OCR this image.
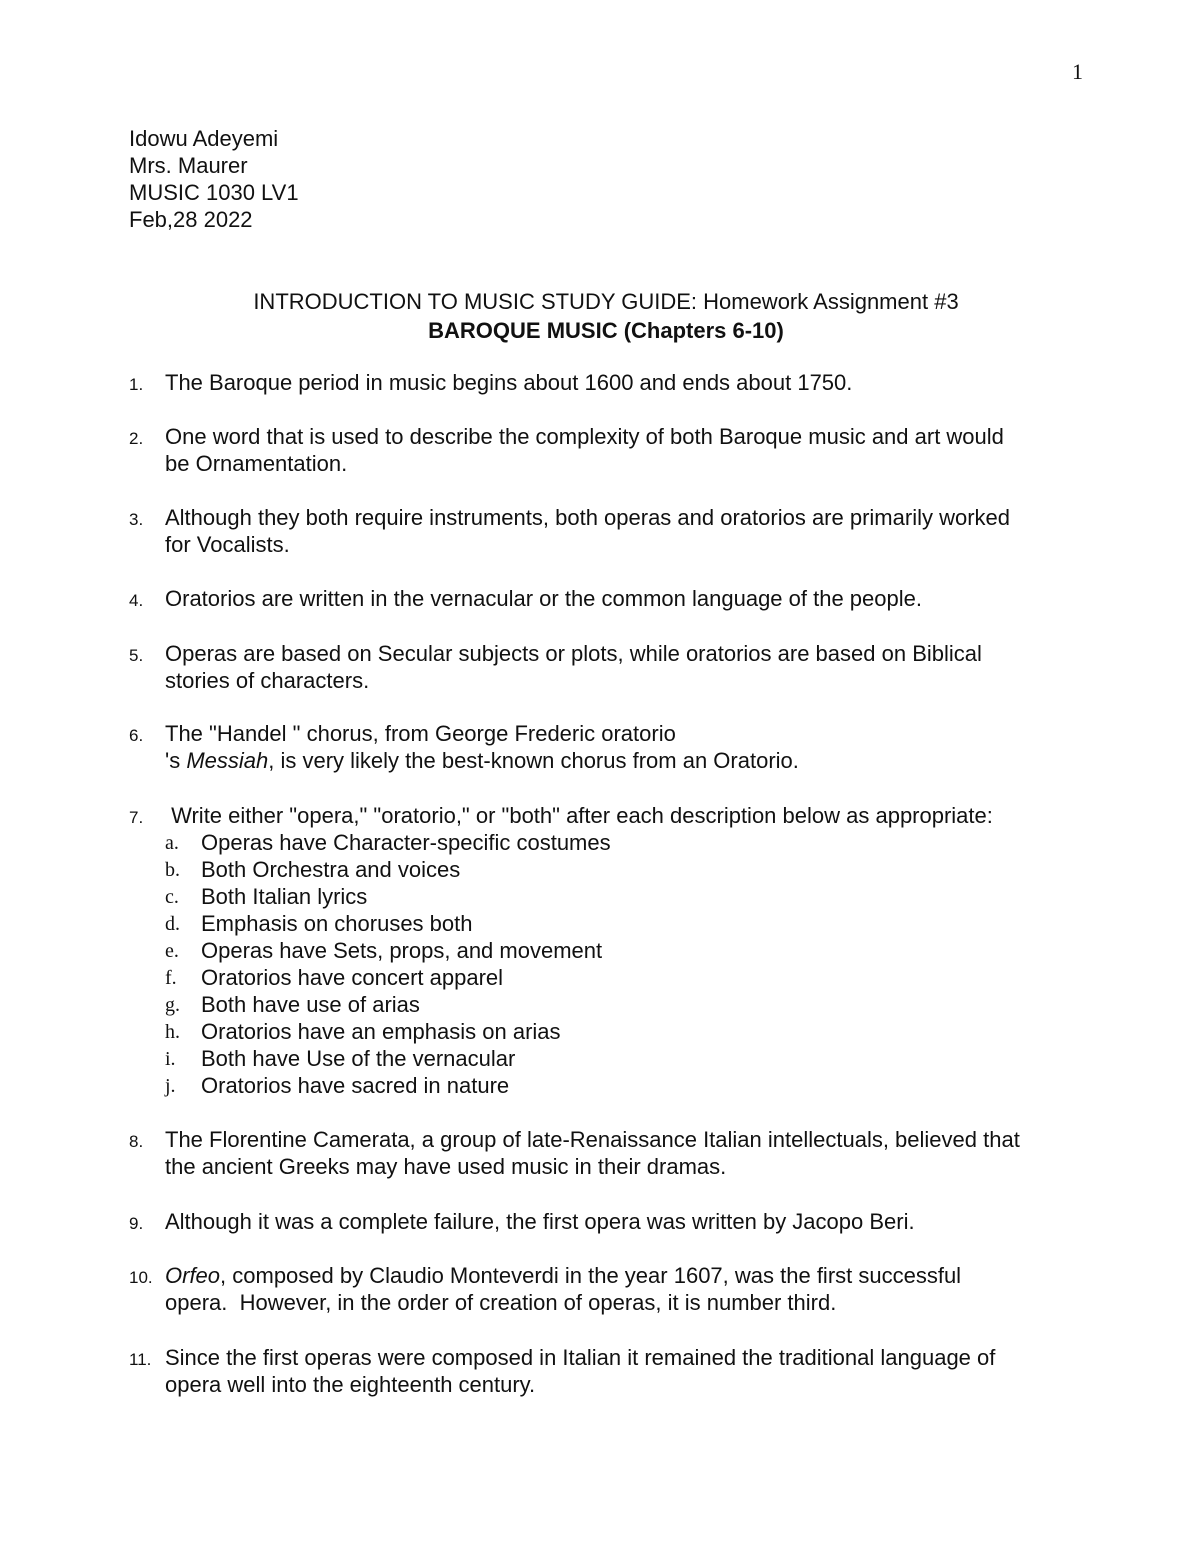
1
Idowu Adeyemi
Mrs. Maurer
MUSIC 1030 LV1
Feb,28 2022
INTRODUCTION TO MUSIC STUDY GUIDE: Homework Assignment #3
BAROQUE MUSIC (Chapters 6-10)
1. The Baroque period in music begins about 1600 and ends about 1750.
2. One word that is used to describe the complexity of both Baroque music and art would
be Ornamentation.
3. Although they both require instruments, both operas and oratorios are primarily worked
for Vocalists.
4. Oratorios are written in the vernacular or the common language of the people.
5. Operas are based on Secular subjects or plots, while oratorios are based on Biblical
stories of characters.
6. The "Handel " chorus, from George Frederic oratorio
's Messiah, is very likely the best-known chorus from an Oratorio.
7. Write either "opera," "oratorio," or "both" after each description below as appropriate:
a. Operas have Character-specific costumes
b. Both Orchestra and voices
c. Both Italian lyrics
d. Emphasis on choruses both
e. Operas have Sets, props, and movement
f. Oratorios have concert apparel
g. Both have use of arias
h. Oratorios have an emphasis on arias
i. Both have Use of the vernacular
j. Oratorios have sacred in nature
8. The Florentine Camerata, a group of late-Renaissance Italian intellectuals, believed that
the ancient Greeks may have used music in their dramas.
9. Although it was a complete failure, the first opera was written by Jacopo Beri.
10. Orfeo, composed by Claudio Monteverdi in the year 1607, was the first successful
opera.  However, in the order of creation of operas, it is number third.
11. Since the first operas were composed in Italian it remained the traditional language of
opera well into the eighteenth century.
